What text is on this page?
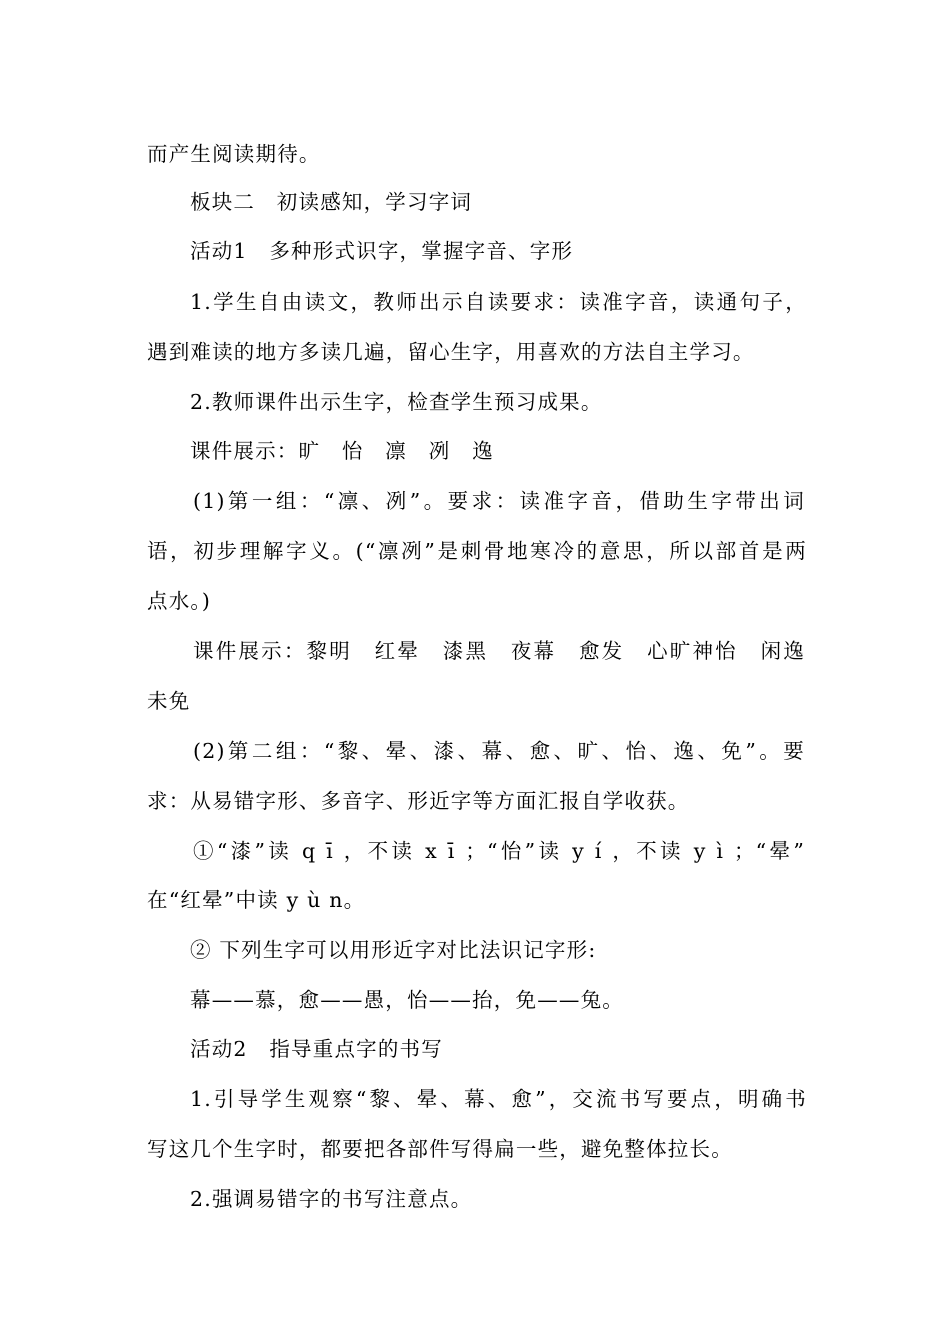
而产生阅读期待。
板块二　初读感知，学习字词
活动1　多种形式识字，掌握字音、字形
1.学生自由读文，教师出示自读要求：读准字音，读通句子，
遇到难读的地方多读几遍，留心生字，用喜欢的方法自主学习。
2.教师课件出示生字，检查学生预习成果。
课件展示：旷　怡　凛　冽　逸
(1)第一组：“凛、冽”。要求：读准字音，借助生字带出词
语，初步理解字义。(“凛冽”是刺骨地寒冷的意思，所以部首是两
点水。)
课件展示：黎明　红晕　漆黑　夜幕　愈发　心旷神怡　闲逸
未免
(2)第二组：“黎、晕、漆、幕、愈、旷、怡、逸、免”。要
求：从易错字形、多音字、形近字等方面汇报自学收获。
①“漆”读 q ī ，不读 x ī ；“怡”读 y í ，不读 y ì ；“晕”
在“红晕”中读 y ù n。
② 下列生字可以用形近字对比法识记字形:
幕——慕，愈——愚，怡——抬，免——兔。
活动2　指导重点字的书写
1.引导学生观察“黎、晕、幕、愈”，交流书写要点，明确书
写这几个生字时，都要把各部件写得扁一些，避免整体拉长。
2.强调易错字的书写注意点。
